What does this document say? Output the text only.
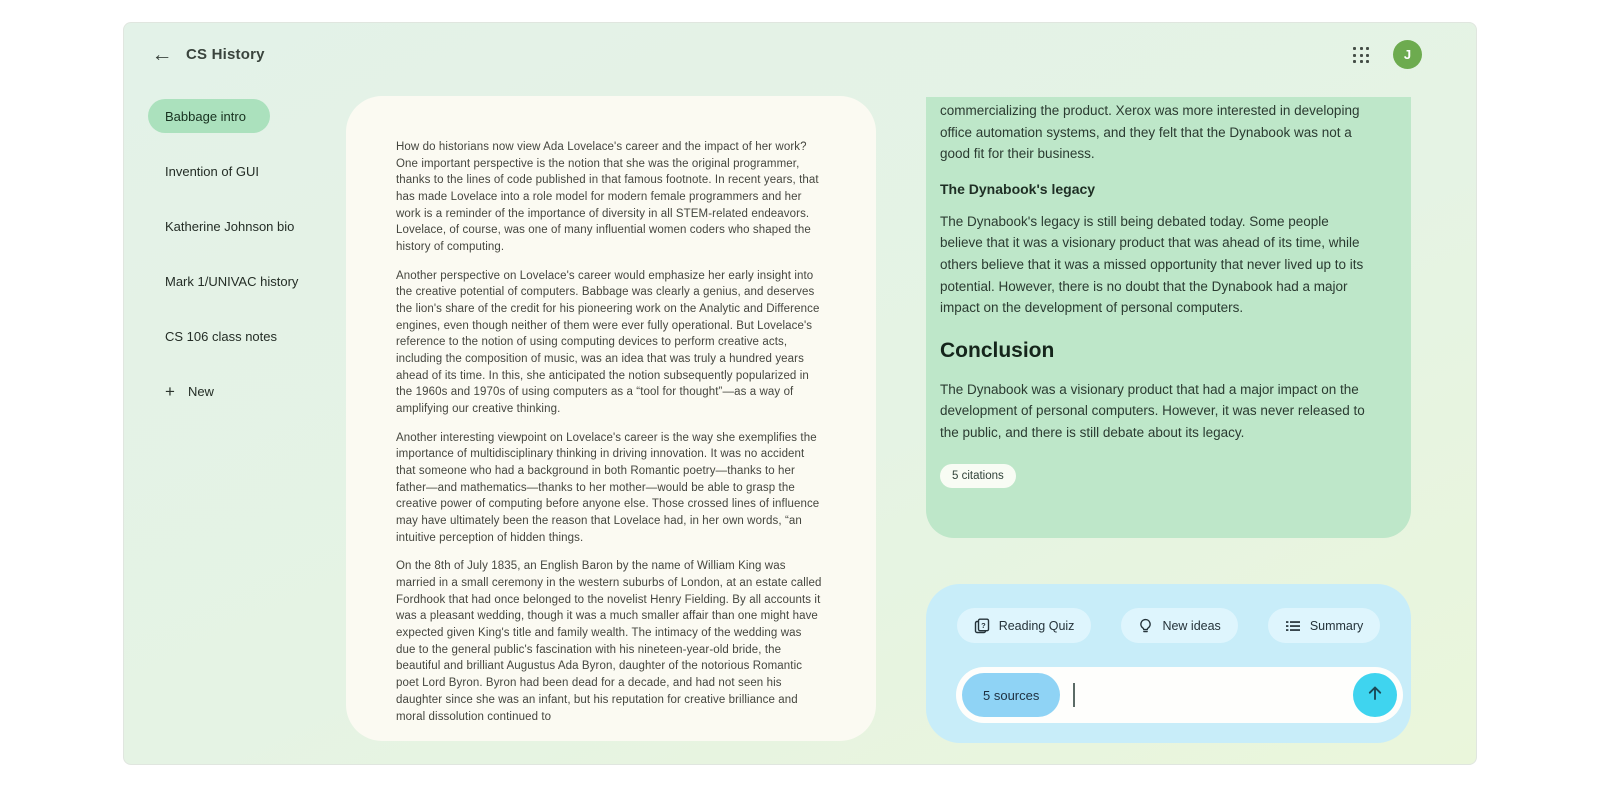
← CS History	J
Babbage intro
Invention of GUI
Katherine Johnson bio
Mark 1/UNIVAC history
CS 106 class notes
+ New

How do historians now view Ada Lovelace's career and the impact of her work? One important perspective is the notion that she was the original programmer, thanks to the lines of code published in that famous footnote. In recent years, that has made Lovelace into a role model for modern female programmers and her work is a reminder of the importance of diversity in all STEM-related endeavors. Lovelace, of course, was one of many influential women coders who shaped the history of computing.

Another perspective on Lovelace's career would emphasize her early insight into the creative potential of computers. Babbage was clearly a genius, and deserves the lion's share of the credit for his pioneering work on the Analytic and Difference engines, even though neither of them were ever fully operational. But Lovelace's reference to the notion of using computing devices to perform creative acts, including the composition of music, was an idea that was truly a hundred years ahead of its time. In this, she anticipated the notion subsequently popularized in the 1960s and 1970s of using computers as a “tool for thought”—as a way of amplifying our creative thinking.

Another interesting viewpoint on Lovelace's career is the way she exemplifies the importance of multidisciplinary thinking in driving innovation. It was no accident that someone who had a background in both Romantic poetry—thanks to her father—and mathematics—thanks to her mother—would be able to grasp the creative power of computing before anyone else. Those crossed lines of influence may have ultimately been the reason that Lovelace had, in her own words, “an intuitive perception of hidden things.

On the 8th of July 1835, an English Baron by the name of William King was married in a small ceremony in the western suburbs of London, at an estate called Fordhook that had once belonged to the novelist Henry Fielding. By all accounts it was a pleasant wedding, though it was a much smaller affair than one might have expected given King's title and family wealth. The intimacy of the wedding was due to the general public's fascination with his nineteen-year-old bride, the beautiful and brilliant Augustus Ada Byron, daughter of the notorious Romantic poet Lord Byron. Byron had been dead for a decade, and had not seen his daughter since she was an infant, but his reputation for creative brilliance and moral dissolution continued to

commercializing the product. Xerox was more interested in developing office automation systems, and they felt that the Dynabook was not a good fit for their business.

The Dynabook's legacy

The Dynabook's legacy is still being debated today. Some people believe that it was a visionary product that was ahead of its time, while others believe that it was a missed opportunity that never lived up to its potential. However, there is no doubt that the Dynabook had a major impact on the development of personal computers.

Conclusion

The Dynabook was a visionary product that had a major impact on the development of personal computers. However, it was never released to the public, and there is still debate about its legacy.

5 citations
? Reading Quiz	New ideas	Summary
5 sources
